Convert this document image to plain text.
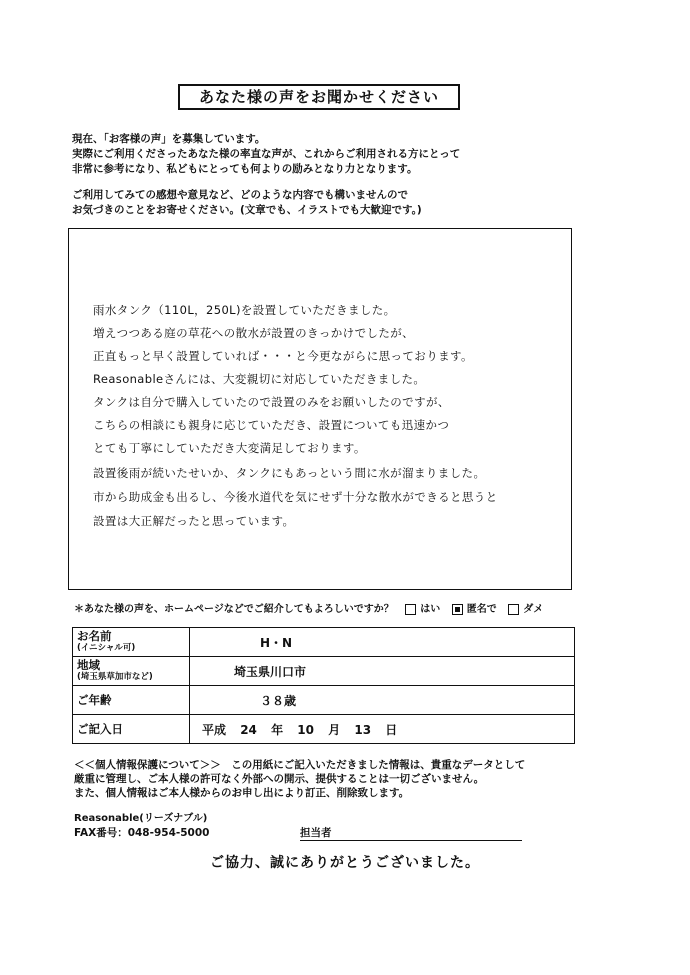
あなた様の声をお聞かせください
現在、「お客様の声」を募集しています。
実際にご利用くださったあなた様の率直な声が、これからご利用される方にとって
非常に参考になり、私どもにとっても何よりの励みとなり力となります。
ご利用してみての感想や意見など、どのような内容でも構いませんので
お気づきのことをお寄せください。(文章でも、イラストでも大歓迎です。)
雨水タンク（110L，250L)を設置していただきました。
増えつつある庭の草花への散水が設置のきっかけでしたが、
正直もっと早く設置していれば・・・と今更ながらに思っております。
Reasonableさんには、大変親切に対応していただきました。
タンクは自分で購入していたので設置のみをお願いしたのですが、
こちらの相談にも親身に応じていただき、設置についても迅速かつ
とても丁寧にしていただき大変満足しております。
設置後雨が続いたせいか、タンクにもあっという間に水が溜まりました。
市から助成金も出るし、今後水道代を気にせず十分な散水ができると思うと
設置は大正解だったと思っています。
＊あなた様の声を、ホームページなどでご紹介してもよろしいですか？	はい	匿名で	ダメ
お名前
(イニシャル可)	H・N
地域
(埼玉県草加市など)	埼玉県川口市
ご年齢	３８歳
ご記入日	平成 24 年 10 月 13 日
＜＜個人情報保護について＞＞　この用紙にご記入いただきました情報は、貴重なデータとして
厳重に管理し、ご本人様の許可なく外部への開示、提供することは一切ございません。
また、個人情報はご本人様からのお申し出により訂正、削除致します。
Reasonable(リーズナブル)
FAX番号：048-954-5000	担当者
ご協力、誠にありがとうございました。
